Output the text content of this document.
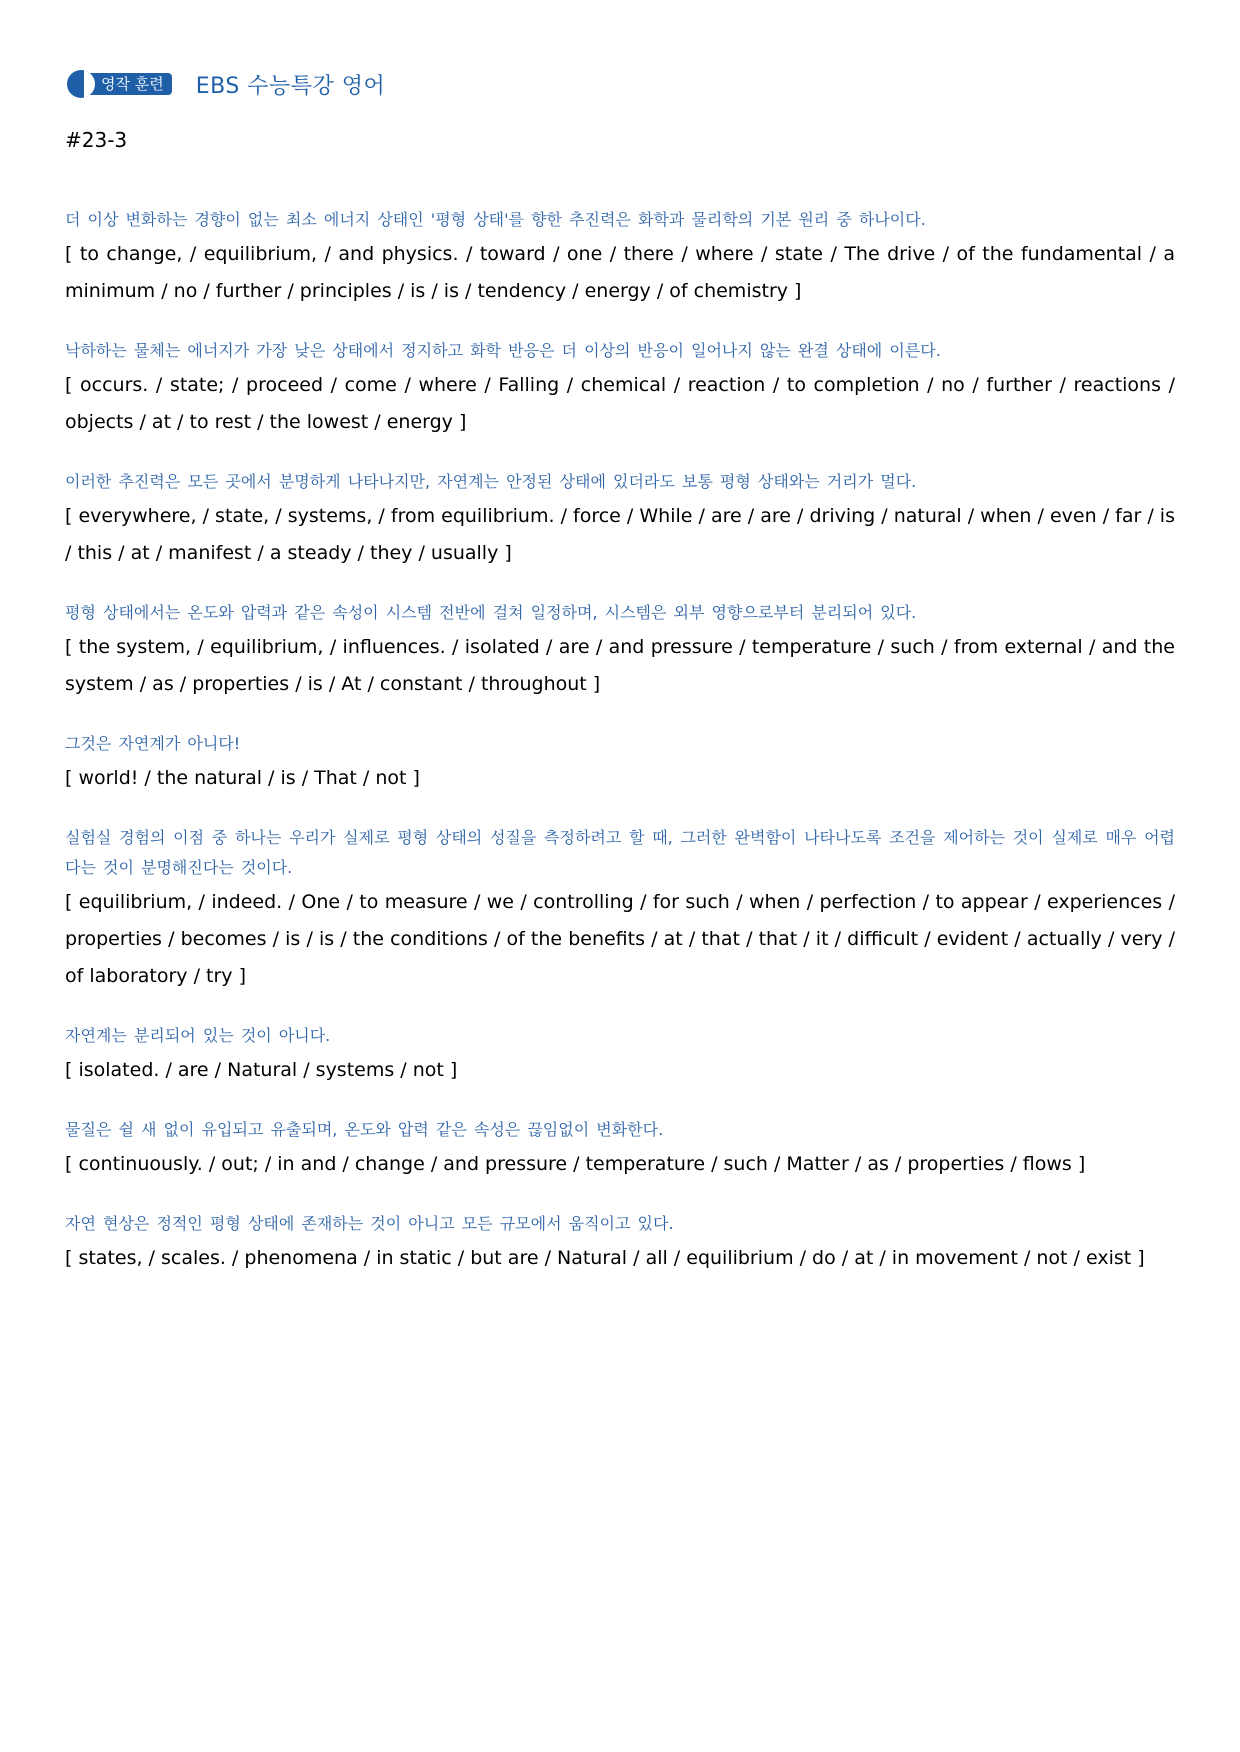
영작 훈련	EBS 수능특강 영어
#23-3
더 이상 변화하는 경향이 없는 최소 에너지 상태인 '평형 상태'를 향한 추진력은 화학과 물리학의 기본 원리 중 하나이다.
[ to change, / equilibrium, / and physics. / toward / one / there / where / state / The drive / of the fundamental / a minimum / no / further / principles / is / is / tendency / energy / of chemistry ]
낙하하는 물체는 에너지가 가장 낮은 상태에서 정지하고 화학 반응은 더 이상의 반응이 일어나지 않는 완결 상태에 이른다.
[ occurs. / state; / proceed / come / where / Falling / chemical / reaction / to completion / no / further / reactions / objects / at / to rest / the lowest / energy ]
이러한 추진력은 모든 곳에서 분명하게 나타나지만, 자연계는 안정된 상태에 있더라도 보통 평형 상태와는 거리가 멀다.
[ everywhere, / state, / systems, / from equilibrium. / force / While / are / are / driving / natural / when / even / far / is / this / at / manifest / a steady / they / usually ]
평형 상태에서는 온도와 압력과 같은 속성이 시스템 전반에 걸쳐 일정하며, 시스템은 외부 영향으로부터 분리되어 있다.
[ the system, / equilibrium, / influences. / isolated / are / and pressure / temperature / such / from external / and the system / as / properties / is / At / constant / throughout ]
그것은 자연계가 아니다!
[ world! / the natural / is / That / not ]
실험실 경험의 이점 중 하나는 우리가 실제로 평형 상태의 성질을 측정하려고 할 때, 그러한 완벽함이 나타나도록 조건을 제어하는 것이 실제로 매우 어렵다는 것이 분명해진다는 것이다.
[ equilibrium, / indeed. / One / to measure / we / controlling / for such / when / perfection / to appear / experiences / properties / becomes / is / is / the conditions / of the benefits / at / that / that / it / difficult / evident / actually / very / of laboratory / try ]
자연계는 분리되어 있는 것이 아니다.
[ isolated. / are / Natural / systems / not ]
물질은 쉴 새 없이 유입되고 유출되며, 온도와 압력 같은 속성은 끊임없이 변화한다.
[ continuously. / out; / in and / change / and pressure / temperature / such / Matter / as / properties / flows ]
자연 현상은 정적인 평형 상태에 존재하는 것이 아니고 모든 규모에서 움직이고 있다.
[ states, / scales. / phenomena / in static / but are / Natural / all / equilibrium / do / at / in movement / not / exist ]
